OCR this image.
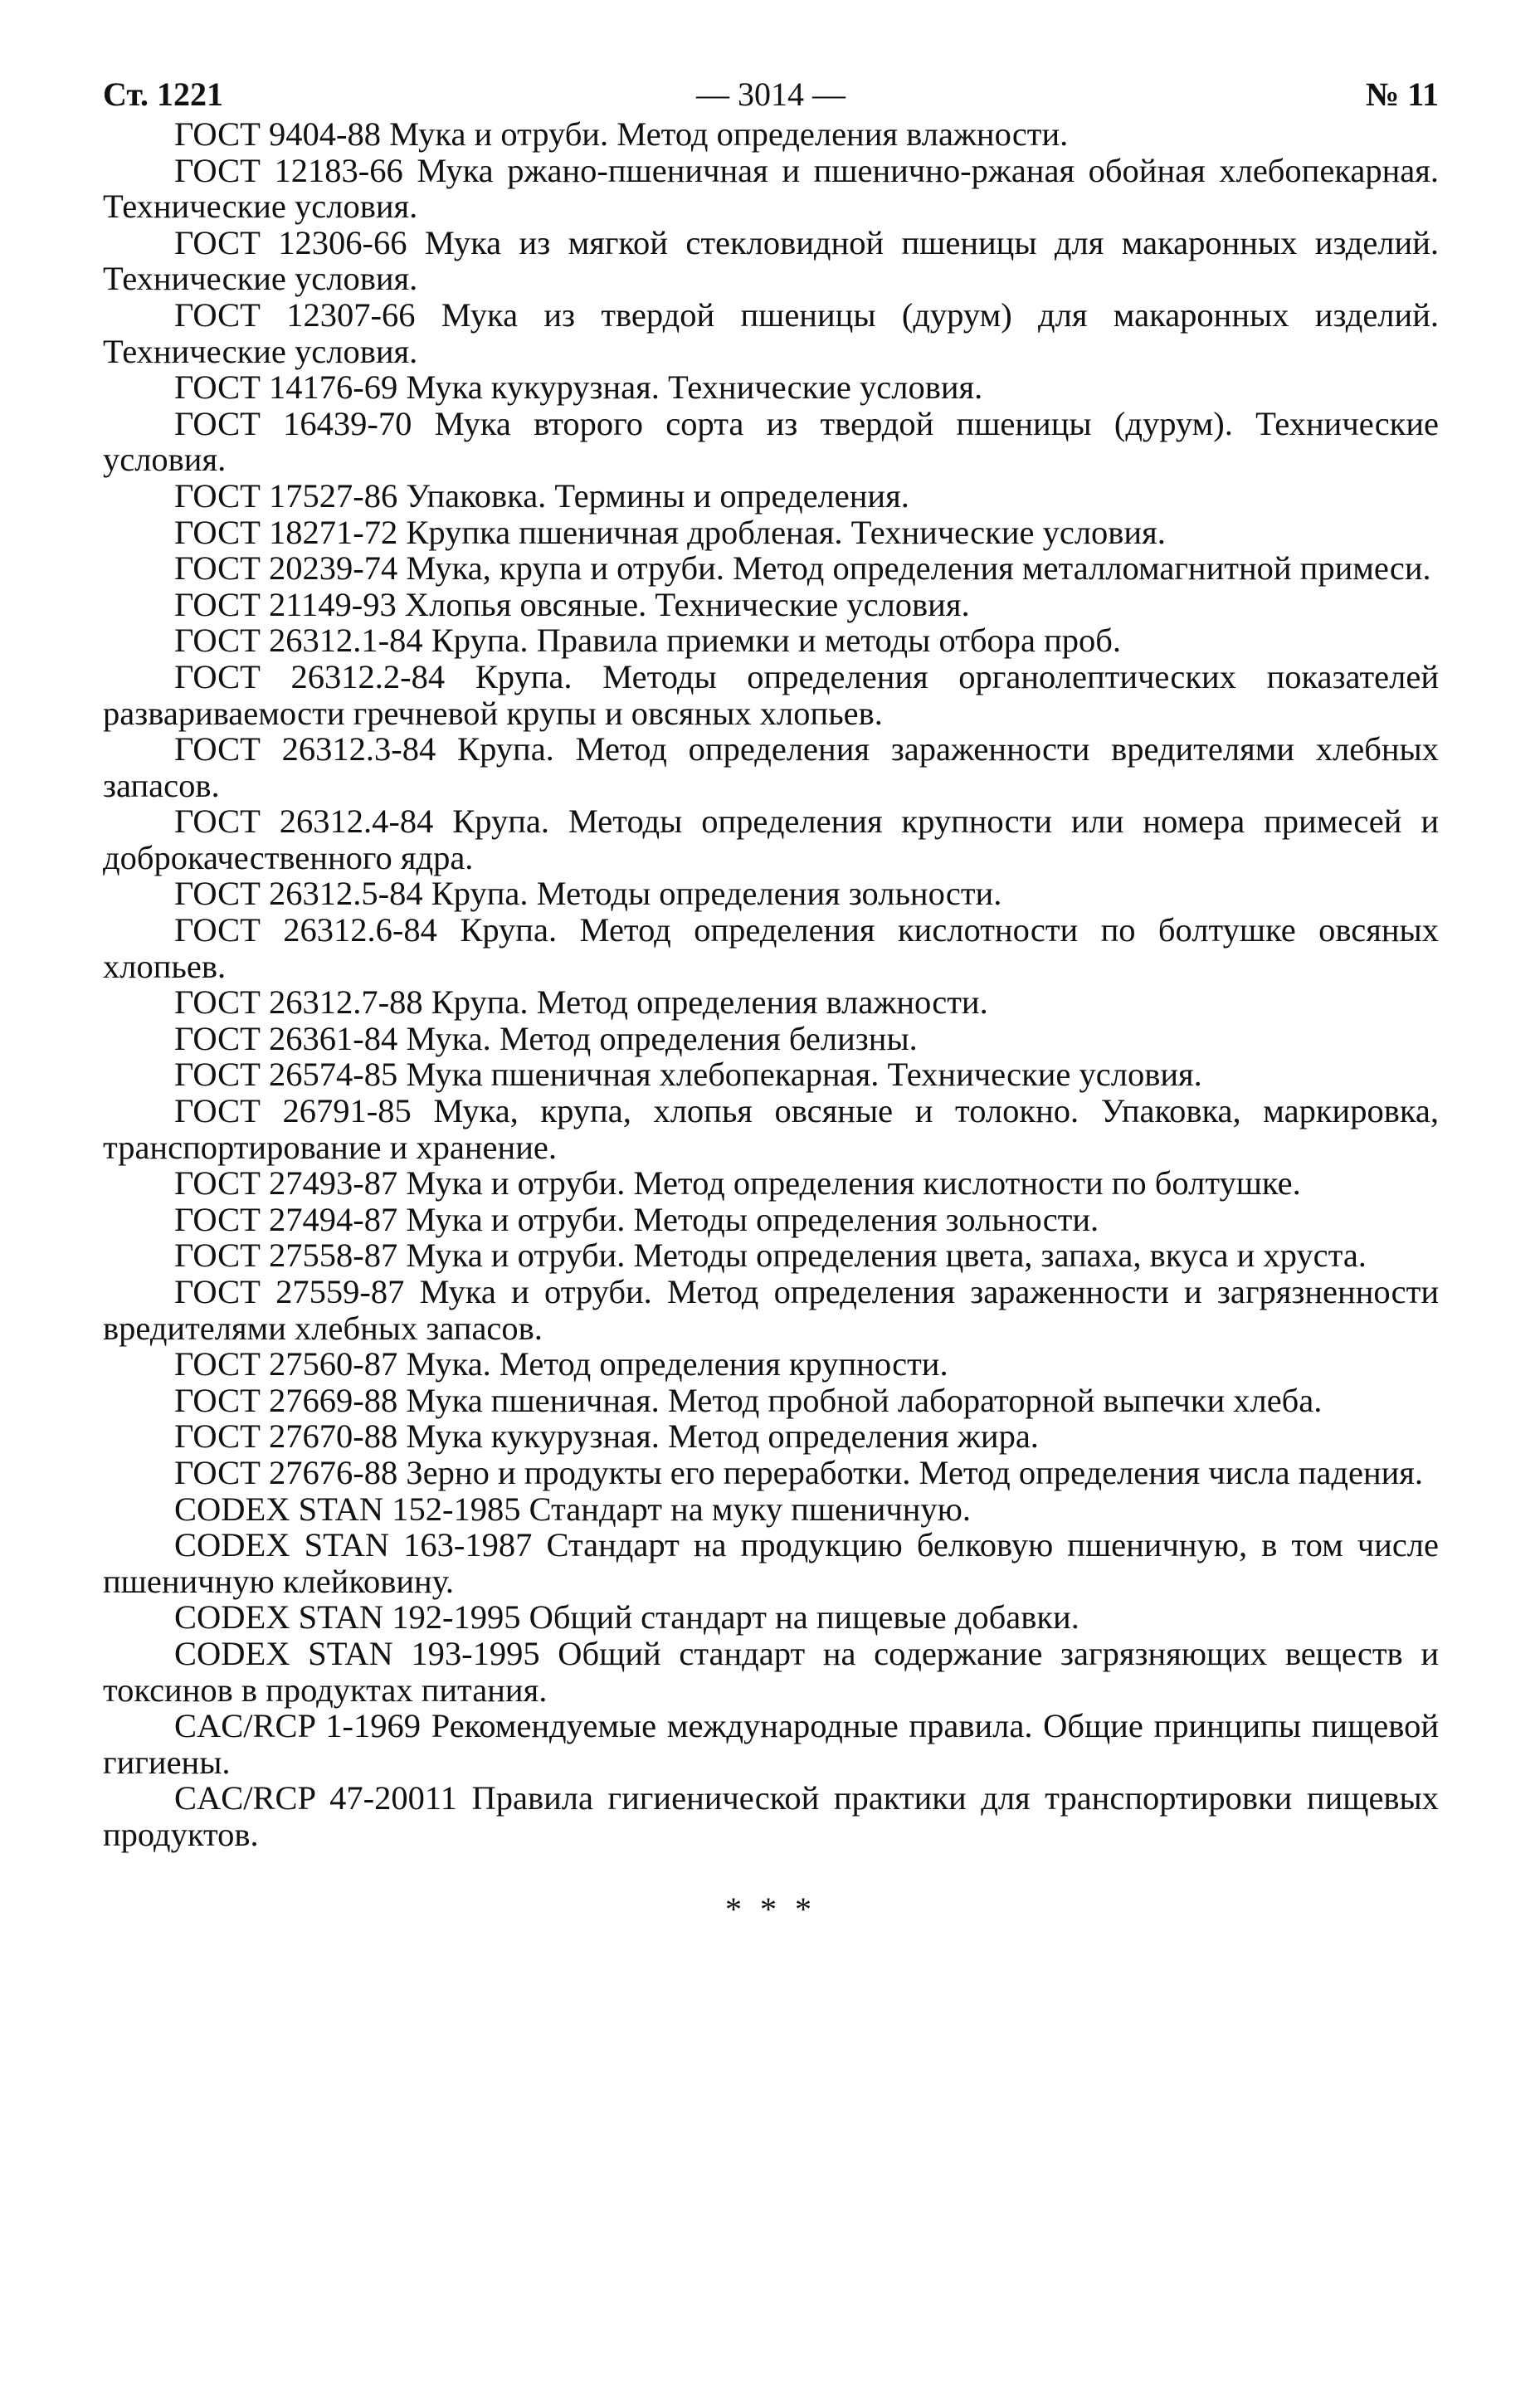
Ст. 1221	— 3014 —	№ 11

ГОСТ 9404-88 Мука и отруби. Метод определения влажности.

ГОСТ 12183-66 Мука ржано-пшеничная и пшенично-ржаная обойная хлебопекарная. Технические условия.

ГОСТ 12306-66 Мука из мягкой стекловидной пшеницы для макаронных изделий. Технические условия.

ГОСТ 12307-66 Мука из твердой пшеницы (дурум) для макаронных изделий. Технические условия.

ГОСТ 14176-69 Мука кукурузная. Технические условия.

ГОСТ 16439-70 Мука второго сорта из твердой пшеницы (дурум). Технические условия.

ГОСТ 17527-86 Упаковка. Термины и определения.

ГОСТ 18271-72 Крупка пшеничная дробленая. Технические условия.

ГОСТ 20239-74 Мука, крупа и отруби. Метод определения металломагнитной примеси.

ГОСТ 21149-93 Хлопья овсяные. Технические условия.

ГОСТ 26312.1-84 Крупа. Правила приемки и методы отбора проб.

ГОСТ 26312.2-84 Крупа. Методы определения органолептических показателей развариваемости гречневой крупы и овсяных хлопьев.

ГОСТ 26312.3-84 Крупа. Метод определения зараженности вредителями хлебных запасов.

ГОСТ 26312.4-84 Крупа. Методы определения крупности или номера примесей и доброкачественного ядра.

ГОСТ 26312.5-84 Крупа. Методы определения зольности.

ГОСТ 26312.6-84 Крупа. Метод определения кислотности по болтушке овсяных хлопьев.

ГОСТ 26312.7-88 Крупа. Метод определения влажности.

ГОСТ 26361-84 Мука. Метод определения белизны.

ГОСТ 26574-85 Мука пшеничная хлебопекарная. Технические условия.

ГОСТ 26791-85 Мука, крупа, хлопья овсяные и толокно. Упаковка, маркировка, транспортирование и хранение.

ГОСТ 27493-87 Мука и отруби. Метод определения кислотности по болтушке.

ГОСТ 27494-87 Мука и отруби. Методы определения зольности.

ГОСТ 27558-87 Мука и отруби. Методы определения цвета, запаха, вкуса и хруста.

ГОСТ 27559-87 Мука и отруби. Метод определения зараженности и загрязненности вредителями хлебных запасов.

ГОСТ 27560-87 Мука. Метод определения крупности.

ГОСТ 27669-88 Мука пшеничная. Метод пробной лабораторной выпечки хлеба.

ГОСТ 27670-88 Мука кукурузная. Метод определения жира.

ГОСТ 27676-88 Зерно и продукты его переработки. Метод определения числа падения.

CODEX STAN 152-1985 Стандарт на муку пшеничную.

CODEX STAN 163-1987 Стандарт на продукцию белковую пшеничную, в том числе пшеничную клейковину.

CODEX STAN 192-1995 Общий стандарт на пищевые добавки.

CODEX STAN 193-1995 Общий стандарт на содержание загрязняющих веществ и токсинов в продуктах питания.

CAC/RCP 1-1969 Рекомендуемые международные правила. Общие принципы пищевой гигиены.

CAC/RCP 47-20011 Правила гигиенической практики для транспортировки пищевых продуктов.

* * *
